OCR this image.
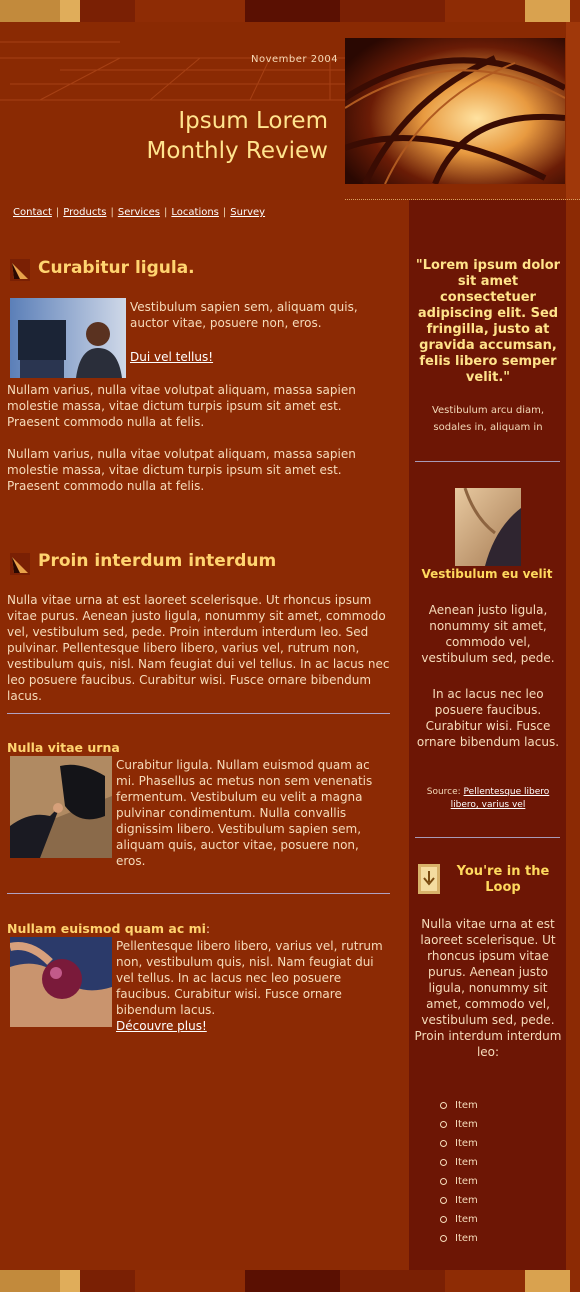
November 2004
Ipsum Lorem
Monthly Review
Contact | Products | Services | Locations | Survey
"Lorem ipsum dolor sit amet consectetuer adipiscing elit. Sed fringilla, justo at gravida accumsan, felis libero semper velit."
Vestibulum arcu diam, sodales in, aliquam in
Vestibulum eu velit
Aenean justo ligula, nonummy sit amet, commodo vel, vestibulum sed, pede.
In ac lacus nec leo posuere faucibus. Curabitur wisi. Fusce ornare bibendum lacus.
Source: Pellentesque libero libero, varius vel
You're in the Loop
Nulla vitae urna at est laoreet scelerisque. Ut rhoncus ipsum vitae purus. Aenean justo ligula, nonummy sit amet, commodo vel, vestibulum sed, pede. Proin interdum interdum leo:
Item
Item
Item
Item
Item
Item
Item
Item
Curabitur ligula.
Vestibulum sapien sem, aliquam quis, auctor vitae, posuere non, eros.
Dui vel tellus!
Nullam varius, nulla vitae volutpat aliquam, massa sapien molestie massa, vitae dictum turpis ipsum sit amet est. Praesent commodo nulla at felis.
Nullam varius, nulla vitae volutpat aliquam, massa sapien molestie massa, vitae dictum turpis ipsum sit amet est. Praesent commodo nulla at felis.
Proin interdum interdum
Nulla vitae urna at est laoreet scelerisque. Ut rhoncus ipsum vitae purus. Aenean justo ligula, nonummy sit amet, commodo vel, vestibulum sed, pede. Proin interdum interdum leo. Sed pulvinar. Pellentesque libero libero, varius vel, rutrum non, vestibulum quis, nisl. Nam feugiat dui vel tellus. In ac lacus nec leo posuere faucibus. Curabitur wisi. Fusce ornare bibendum lacus.
Nulla vitae urna
Curabitur ligula. Nullam euismod quam ac mi. Phasellus ac metus non sem venenatis fermentum. Vestibulum eu velit a magna pulvinar condimentum. Nulla convallis dignissim libero. Vestibulum sapien sem, aliquam quis, auctor vitae, posuere non, eros.
Nullam euismod quam ac mi:
Pellentesque libero libero, varius vel, rutrum non, vestibulum quis, nisl. Nam feugiat dui vel tellus. In ac lacus nec leo posuere faucibus. Curabitur wisi. Fusce ornare bibendum lacus.
Découvre plus!
